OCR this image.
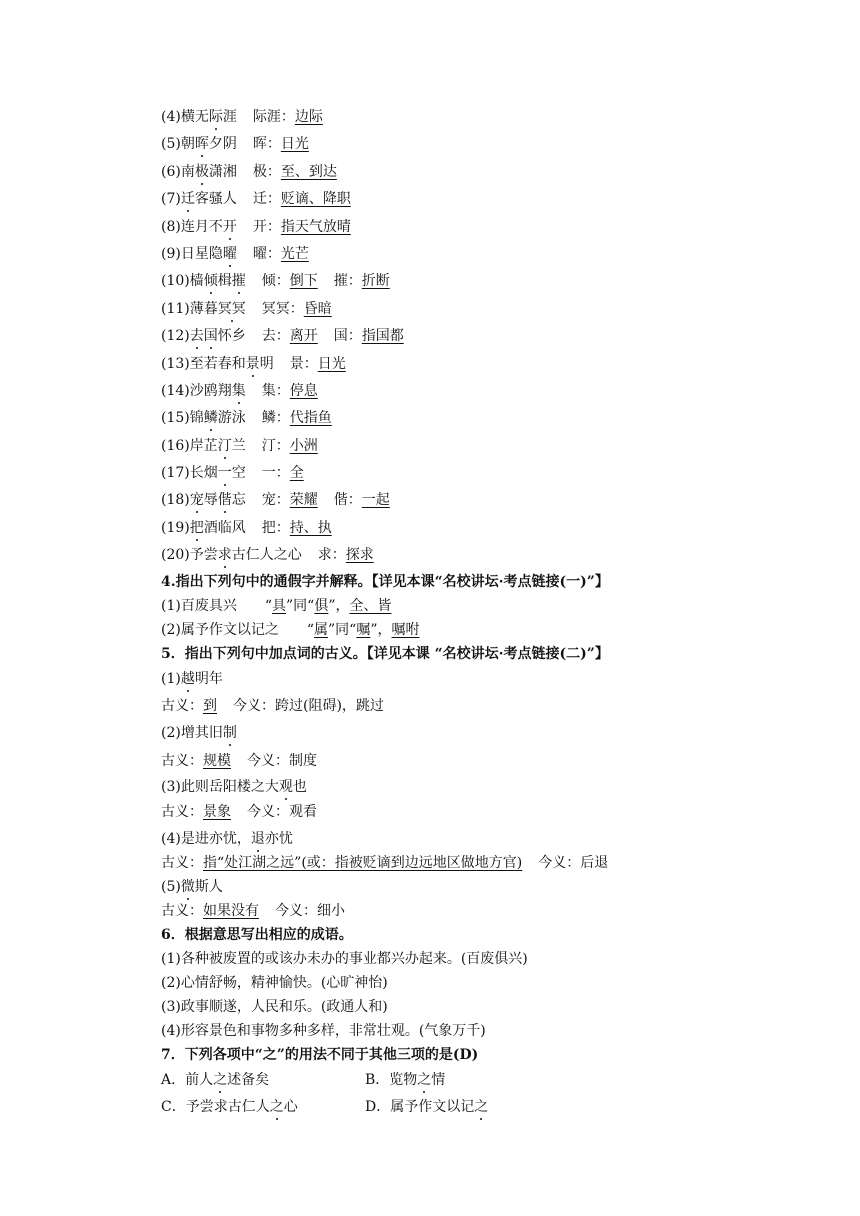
(4)横无际涯 际涯：边际
(5)朝晖夕阴 晖：日光
(6)南极潇湘 极：至、到达
(7)迁客骚人 迁：贬谪、降职
(8)连月不开 开：指天气放晴
(9)日星隐曜 曜：光芒
(10)樯倾楫摧 倾：倒下 摧：折断
(11)薄暮冥冥 冥冥：昏暗
(12)去国怀乡 去：离开 国：指国都
(13)至若春和景明 景：日光
(14)沙鸥翔集 集：停息
(15)锦鳞游泳 鳞：代指鱼
(16)岸芷汀兰 汀：小洲
(17)长烟一空 一：全
(18)宠辱偕忘 宠：荣耀 偕：一起
(19)把酒临风 把：持、执
(20)予尝求古仁人之心 求：探求
4.指出下列句中的通假字并解释。【详见本课“名校讲坛·考点链接(一)”】
(1)百废具兴 “具”同“俱”，全、皆
(2)属予作文以记之 “属”同“嘱”，嘱咐
5．指出下列句中加点词的古义。【详见本课 “名校讲坛·考点链接(二)”】
(1)越明年
古义：到 今义：跨过(阻碍)，跳过
(2)增其旧制
古义：规模 今义：制度
(3)此则岳阳楼之大观也
古义：景象 今义：观看
(4)是进亦忧，退亦忧
古义：指“处江湖之远”(或：指被贬谪到边远地区做地方官) 今义：后退
(5)微斯人
古义：如果没有 今义：细小
6．根据意思写出相应的成语。
(1)各种被废置的或该办未办的事业都兴办起来。(百废俱兴)
(2)心情舒畅，精神愉快。(心旷神怡)
(3)政事顺遂，人民和乐。(政通人和)
(4)形容景色和事物多种多样，非常壮观。(气象万千)
7．下列各项中“之”的用法不同于其他三项的是(D)
A．前人之述备矣	B．览物之情
C．予尝求古仁人之心	D．属予作文以记之
